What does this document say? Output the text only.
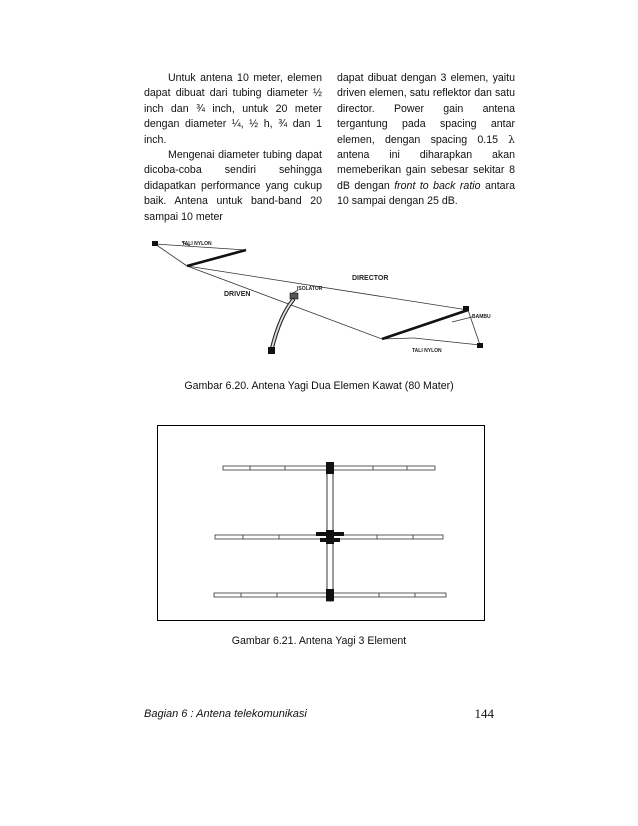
Untuk antena 10 meter, elemen dapat dibuat dari tubing diameter ½ inch dan ¾ inch, untuk 20 meter dengan diameter ¼, ½ h, ¾ dan 1 inch.

Mengenai diameter tubing dapat dicoba-coba sendiri sehingga didapatkan performance yang cukup baik. Antena untuk band-band 20 sampai 10 meter

dapat dibuat dengan 3 elemen, yaitu driven elemen, satu reflektor dan satu director. Power gain antena tergantung pada spacing antar elemen, dengan spacing 0.15 λ antena ini diharapkan akan memeberikan gain sebesar sekitar 8 dB dengan front to back ratio antara 10 sampai dengan 25 dB.

TALI NYLON
DIRECTOR
DRIVEN
ISOLATOR
BAMBU
TALI NYLON
Gambar 6.20. Antena Yagi Dua Elemen Kawat (80 Mater)
Gambar 6.21. Antena Yagi 3 Element
Bagian 6 : Antena telekomunikasi	144
